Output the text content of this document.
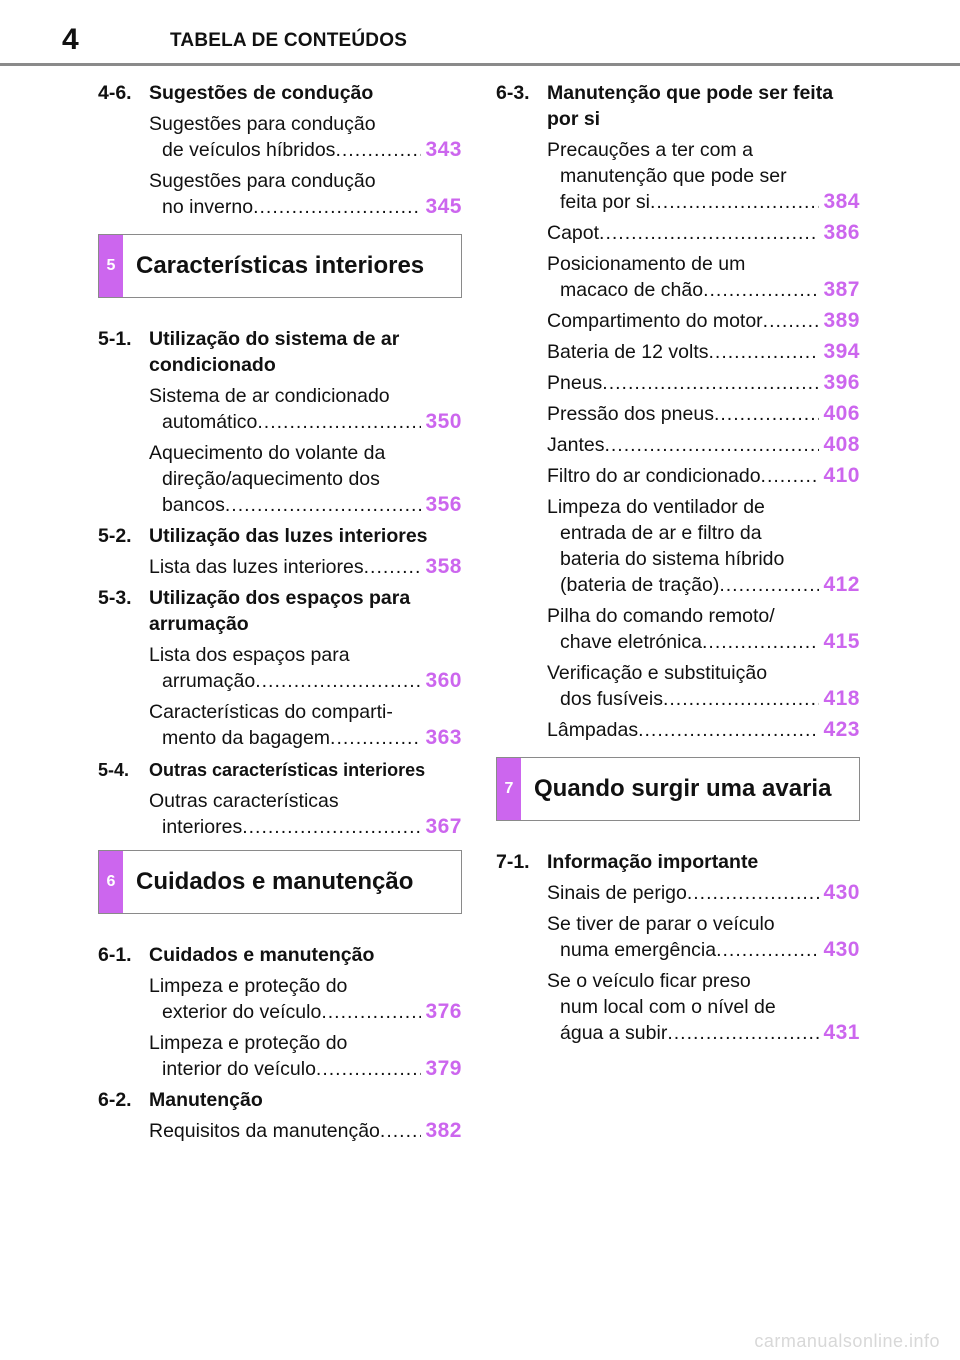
4	TABELA DE CONTEÚDOS
4-6. Sugestões de condução
Sugestões para condução
de veículos híbridos .....	343
Sugestões para condução
no inverno .....	345
5 Características interiores
5-1. Utilização do sistema de ar
condicionado
Sistema de ar condicionado
automático .....	350
Aquecimento do volante da
direção/aquecimento dos
bancos .....	356
5-2. Utilização das luzes interiores
Lista das luzes interiores .....	358
5-3. Utilização dos espaços para
arrumação
Lista dos espaços para
arrumação .....	360
Características do comparti-
mento da bagagem .....	363
5-4. Outras características interiores
Outras características
interiores .....	367
6 Cuidados e manutenção
6-1. Cuidados e manutenção
Limpeza e proteção do
exterior do veículo .....	376
Limpeza e proteção do
interior do veículo .....	379
6-2. Manutenção
Requisitos da manutenção ..... 382
6-3. Manutenção que pode ser feita
por si
Precauções a ter com a
manutenção que pode ser
feita por si .....	384
Capot .....	386
Posicionamento de um
macaco de chão .....	387
Compartimento do motor .....	389
Bateria de 12 volts .....	394
Pneus .....	396
Pressão dos pneus .....	406
Jantes .....	408
Filtro do ar condicionado .....	410
Limpeza do ventilador de
entrada de ar e filtro da
bateria do sistema híbrido
(bateria de tração) .....	412
Pilha do comando remoto/
chave eletrónica .....	415
Verificação e substituição
dos fusíveis .....	418
Lâmpadas .....	423
7 Quando surgir uma avaria
7-1. Informação importante
Sinais de perigo .....	430
Se tiver de parar o veículo
numa emergência .....	430
Se o veículo ficar preso
num local com o nível de
água a subir .....	431
carmanualsonline.info
